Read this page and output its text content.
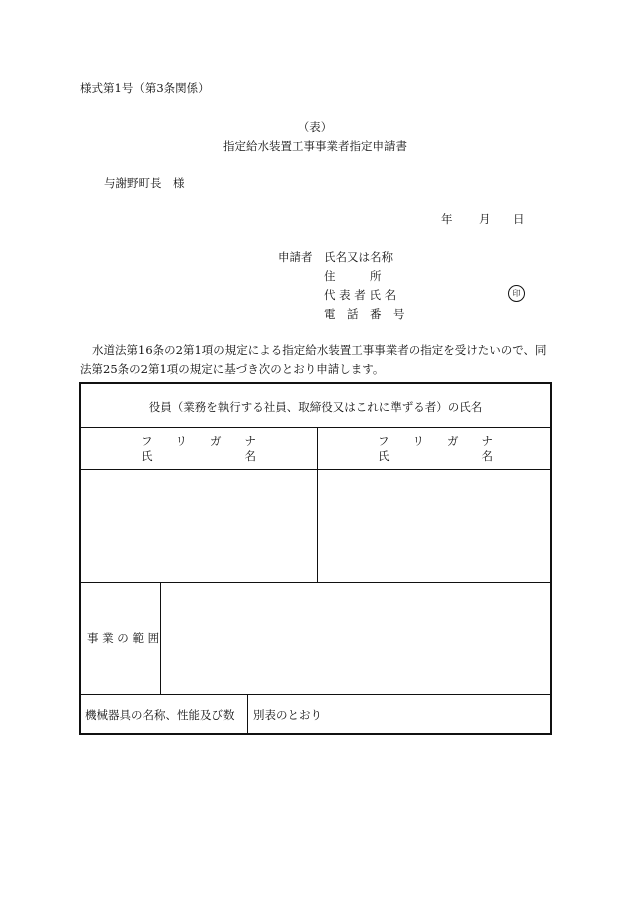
様式第1号（第3条関係）
（表）
指定給水装置工事事業者指定申請書
与謝野町長　様
年 月 日
申請者 氏名又は名称
住　　　所
代 表 者 氏 名	印
電　話　番　号
水道法第16条の2第1項の規定による指定給水装置工事事業者の指定を受けたいので、同
法第25条の2第1項の規定に基づき次のとおり申請します。
役員（業務を執行する社員、取締役又はこれに準ずる者）の氏名
フ　　リ　　ガ　　ナ
氏　　　　　　　　名
フ　　リ　　ガ　　ナ
氏　　　　　　　　名
事 業 の 範 囲
機械器具の名称、性能及び数 別表のとおり
